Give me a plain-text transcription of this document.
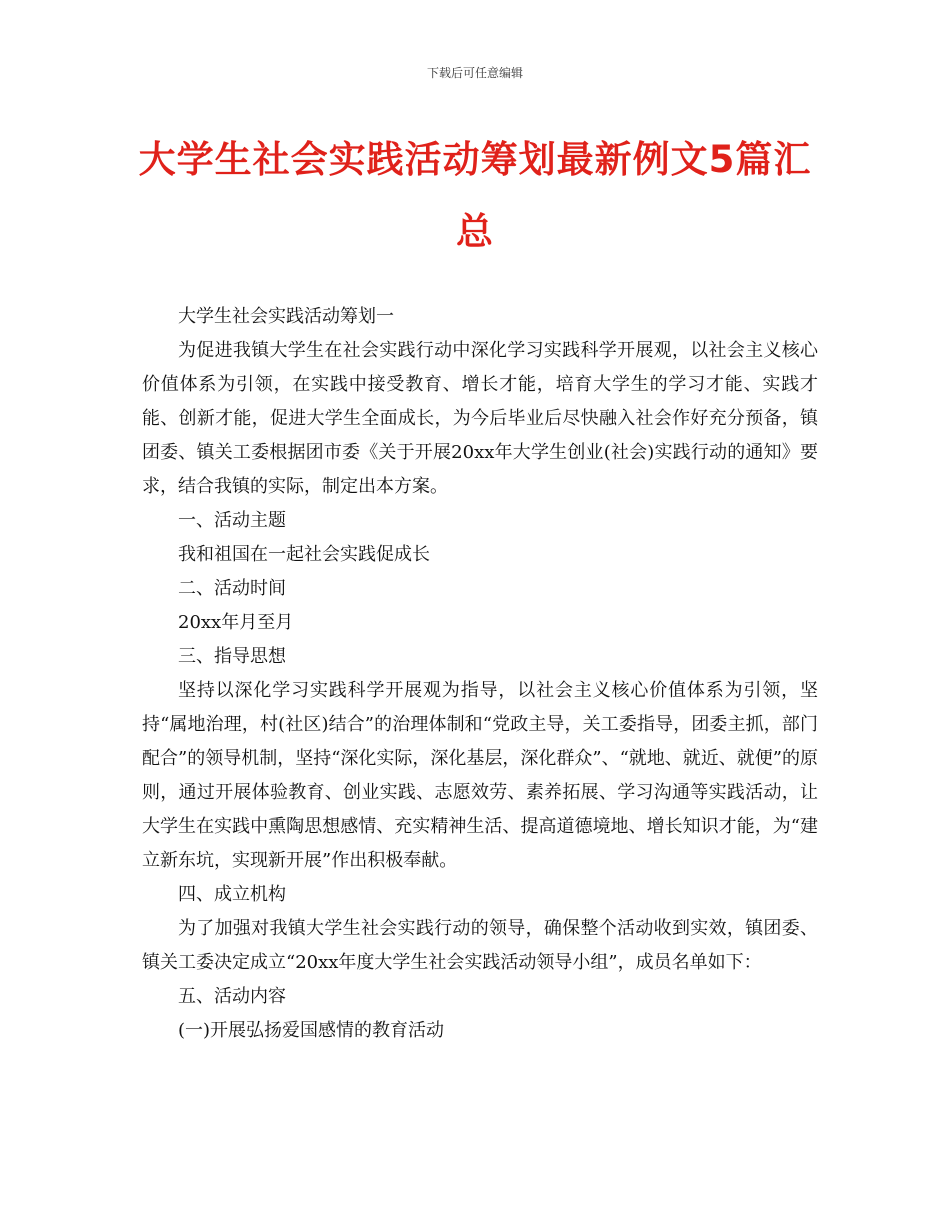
下载后可任意编辑
大学生社会实践活动筹划最新例文5篇汇总

大学生社会实践活动筹划一

为促进我镇大学生在社会实践行动中深化学习实践科学开展观，以社会主义核心价值体系为引领，在实践中接受教育、增长才能，培育大学生的学习才能、实践才能、创新才能，促进大学生全面成长，为今后毕业后尽快融入社会作好充分预备，镇团委、镇关工委根据团市委《关于开展20xx年大学生创业(社会)实践行动的通知》要求，结合我镇的实际，制定出本方案。

一、活动主题

我和祖国在一起社会实践促成长

二、活动时间

20xx年月至月

三、指导思想

坚持以深化学习实践科学开展观为指导，以社会主义核心价值体系为引领，坚持“属地治理，村(社区)结合”的治理体制和“党政主导，关工委指导，团委主抓，部门配合”的领导机制，坚持“深化实际，深化基层，深化群众”、“就地、就近、就便”的原则，通过开展体验教育、创业实践、志愿效劳、素养拓展、学习沟通等实践活动，让大学生在实践中熏陶思想感情、充实精神生活、提高道德境地、增长知识才能，为“建立新东坑，实现新开展”作出积极奉献。

四、成立机构

为了加强对我镇大学生社会实践行动的领导，确保整个活动收到实效，镇团委、镇关工委决定成立“20xx年度大学生社会实践活动领导小组”，成员名单如下：

五、活动内容

(一)开展弘扬爱国感情的教育活动
